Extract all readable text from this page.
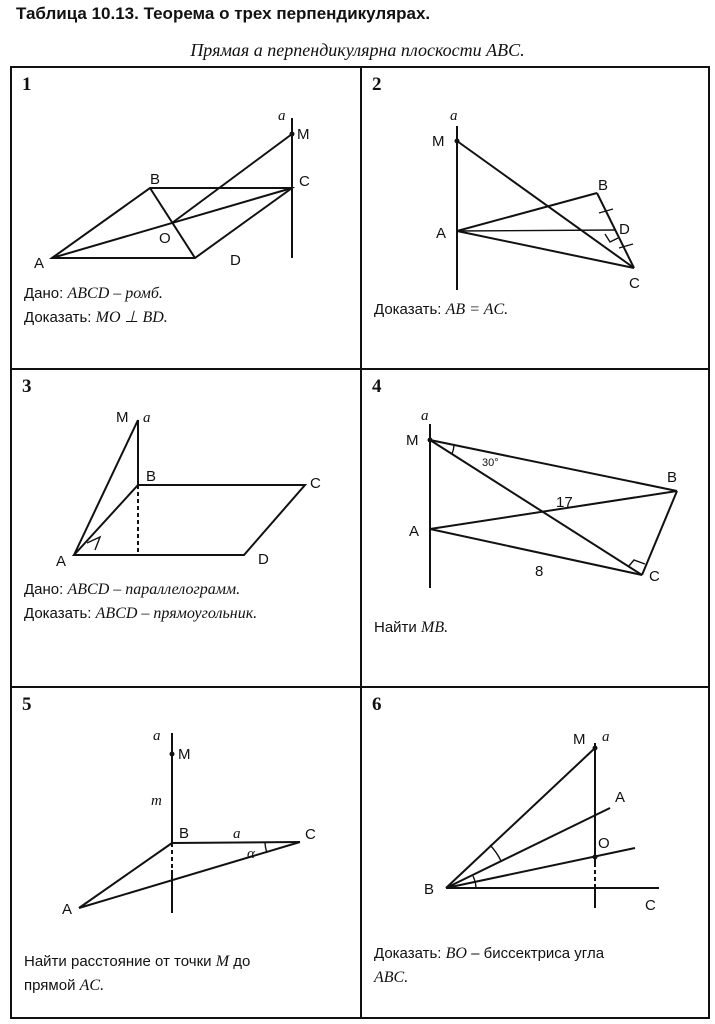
Таблица 10.13. Теорема о трех перпендикулярах.
Прямая a перпендикулярна плоскости ABC.
1
a
M
B	C
O
A	D
Дано: ABCD – ромб.
Доказать: MO ⊥ BD.
2
a
M
A
B
D
C
Доказать: AB = AC.
3
M a
B	C
A	D
Дано: ABCD – параллелограмм.
Доказать: ABCD – прямоугольник.
4
a
M
30°
B
17
A
8	C
Найти MB.
5
a
M
m
B	a	C
α
A
Найти расстояние от точки M до
прямой AC.
6
M a
A
O
B
C
Доказать: BO – биссектриса угла
ABC.
